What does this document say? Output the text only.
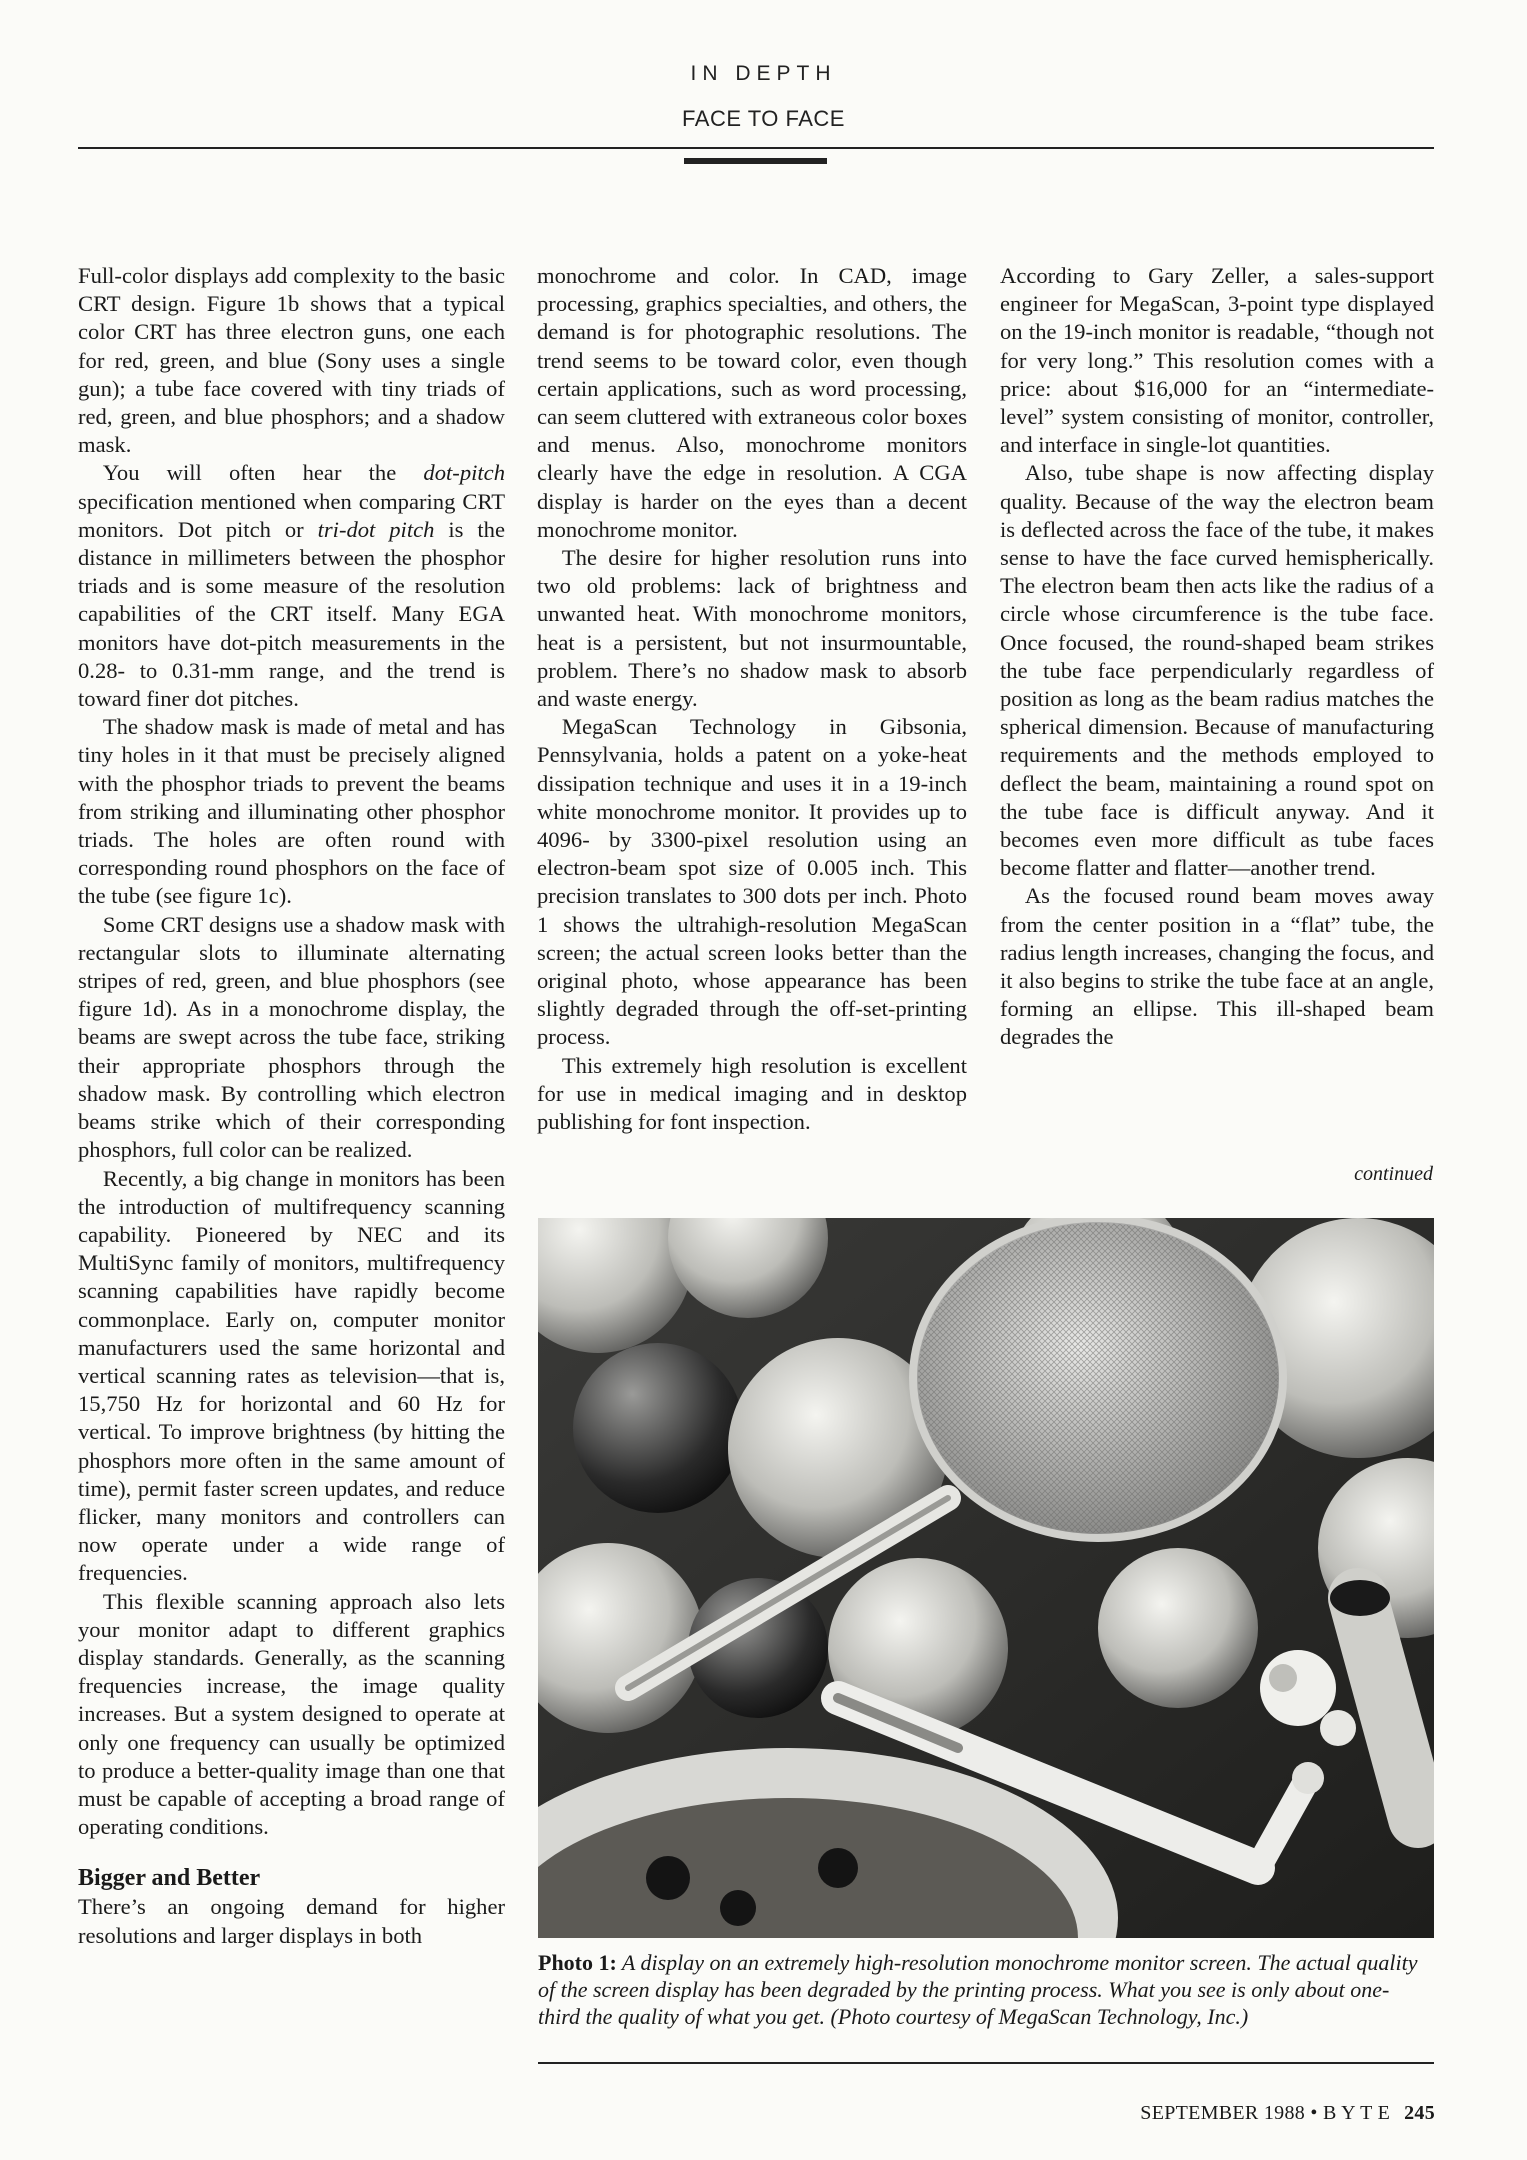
IN DEPTH
FACE TO FACE

Full-color displays add complexity to the basic CRT design. Figure 1b shows that a typical color CRT has three electron guns, one each for red, green, and blue (Sony uses a single gun); a tube face covered with tiny triads of red, green, and blue phosphors; and a shadow mask.

You will often hear the dot-pitch specification mentioned when comparing CRT monitors. Dot pitch or tri-dot pitch is the distance in millimeters between the phosphor triads and is some measure of the resolution capabilities of the CRT itself. Many EGA monitors have dot-pitch measurements in the 0.28- to 0.31-mm range, and the trend is toward finer dot pitches.

The shadow mask is made of metal and has tiny holes in it that must be precisely aligned with the phosphor triads to prevent the beams from striking and illuminating other phosphor triads. The holes are often round with corresponding round phosphors on the face of the tube (see figure 1c).

Some CRT designs use a shadow mask with rectangular slots to illuminate alternating stripes of red, green, and blue phosphors (see figure 1d). As in a monochrome display, the beams are swept across the tube face, striking their appropriate phosphors through the shadow mask. By controlling which electron beams strike which of their corresponding phosphors, full color can be realized.

Recently, a big change in monitors has been the introduction of multifrequency scanning capability. Pioneered by NEC and its MultiSync family of monitors, multifrequency scanning capabilities have rapidly become commonplace. Early on, computer monitor manufacturers used the same horizontal and vertical scanning rates as television—that is, 15,750 Hz for horizontal and 60 Hz for vertical. To improve brightness (by hitting the phosphors more often in the same amount of time), permit faster screen updates, and reduce flicker, many monitors and controllers can now operate under a wide range of frequencies.

This flexible scanning approach also lets your monitor adapt to different graphics display standards. Generally, as the scanning frequencies increase, the image quality increases. But a system designed to operate at only one frequency can usually be optimized to produce a better-quality image than one that must be capable of accepting a broad range of operating conditions.

Bigger and Better

There’s an ongoing demand for higher resolutions and larger displays in both

monochrome and color. In CAD, image processing, graphics specialties, and others, the demand is for photographic resolutions. The trend seems to be toward color, even though certain applications, such as word processing, can seem cluttered with extraneous color boxes and menus. Also, monochrome monitors clearly have the edge in resolution. A CGA display is harder on the eyes than a decent monochrome monitor.

The desire for higher resolution runs into two old problems: lack of brightness and unwanted heat. With monochrome monitors, heat is a persistent, but not insurmountable, problem. There’s no shadow mask to absorb and waste energy.

MegaScan Technology in Gibsonia, Pennsylvania, holds a patent on a yoke-heat dissipation technique and uses it in a 19-inch white monochrome monitor. It provides up to 4096- by 3300-pixel resolution using an electron-beam spot size of 0.005 inch. This precision translates to 300 dots per inch. Photo 1 shows the ultrahigh-resolution MegaScan screen; the actual screen looks better than the original photo, whose appearance has been slightly degraded through the off-set-printing process.

This extremely high resolution is excellent for use in medical imaging and in desktop publishing for font inspection.

According to Gary Zeller, a sales-support engineer for MegaScan, 3-point type displayed on the 19-inch monitor is readable, “though not for very long.” This resolution comes with a price: about $16,000 for an “intermediate-level” system consisting of monitor, controller, and interface in single-lot quantities.

Also, tube shape is now affecting display quality. Because of the way the electron beam is deflected across the face of the tube, it makes sense to have the face curved hemispherically. The electron beam then acts like the radius of a circle whose circumference is the tube face. Once focused, the round-shaped beam strikes the tube face perpendicularly regardless of position as long as the beam radius matches the spherical dimension. Because of manufacturing requirements and the methods employed to deflect the beam, maintaining a round spot on the tube face is difficult anyway. And it becomes even more difficult as tube faces become flatter and flatter—another trend.

As the focused round beam moves away from the center position in a “flat” tube, the radius length increases, changing the focus, and it also begins to strike the tube face at an angle, forming an ellipse. This ill-shaped beam degrades the

continued
Photo 1: A display on an extremely high-resolution monochrome monitor screen. The actual quality of the screen display has been degraded by the printing process. What you see is only about one-third the quality of what you get. (Photo courtesy of MegaScan Technology, Inc.)
SEPTEMBER 1988 • B Y T E 245
